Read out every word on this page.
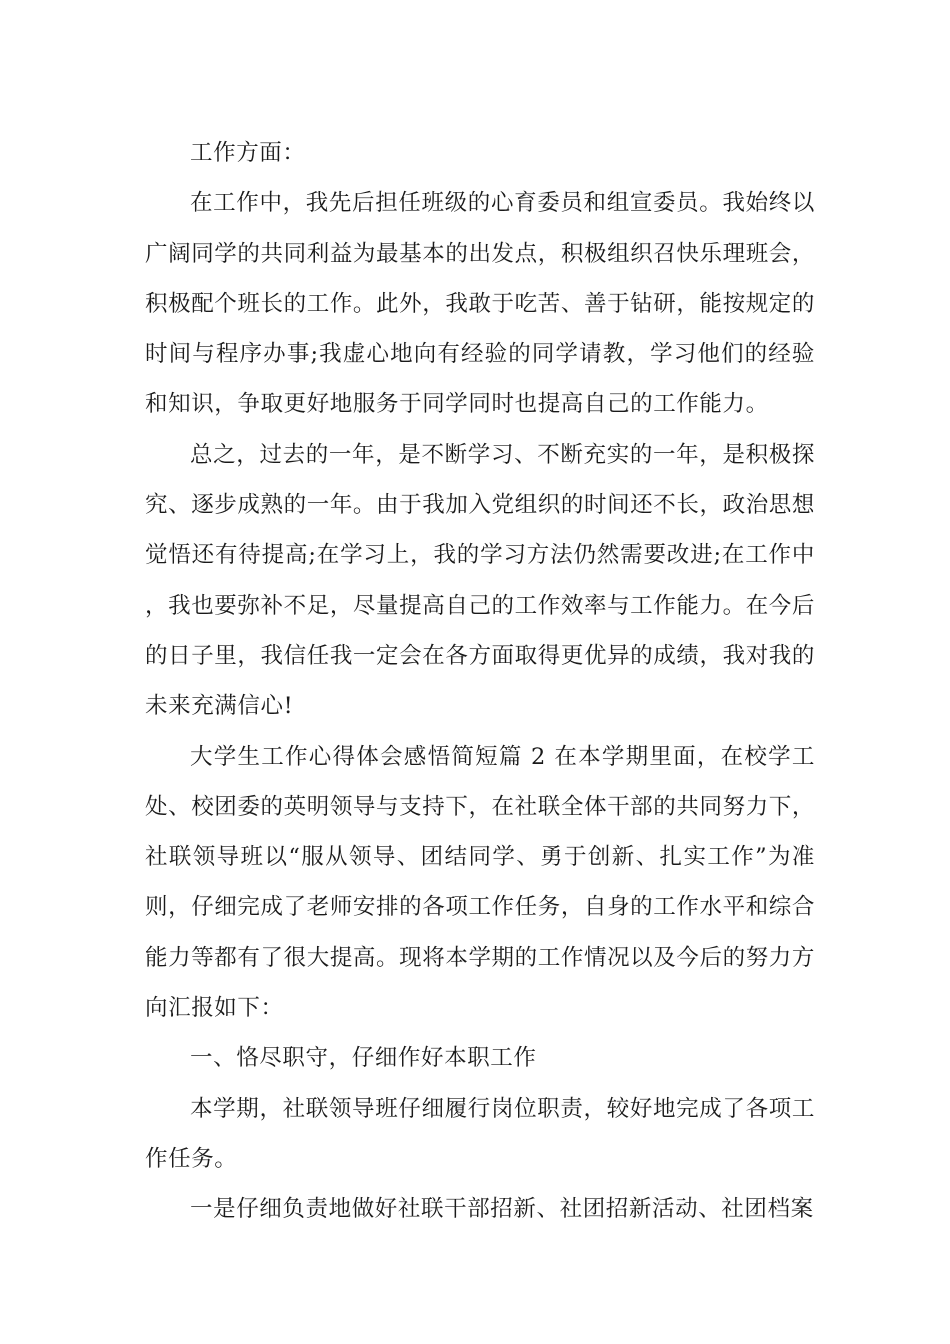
工作方面：

在工作中，我先后担任班级的心育委员和组宣委员。我始终以广阔同学的共同利益为最基本的出发点，积极组织召快乐理班会，积极配个班长的工作。此外，我敢于吃苦、善于钻研，能按规定的时间与程序办事;我虚心地向有经验的同学请教，学习他们的经验和知识，争取更好地服务于同学同时也提高自己的工作能力。

总之，过去的一年，是不断学习、不断充实的一年，是积极探究、逐步成熟的一年。由于我加入党组织的时间还不长，政治思想觉悟还有待提高;在学习上，我的学习方法仍然需要改进;在工作中，我也要弥补不足，尽量提高自己的工作效率与工作能力。在今后的日子里，我信任我一定会在各方面取得更优异的成绩，我对我的未来充满信心!

大学生工作心得体会感悟简短篇 2 在本学期里面，在校学工处、校团委的英明领导与支持下，在社联全体干部的共同努力下，社联领导班以“服从领导、团结同学、勇于创新、扎实工作”为准则，仔细完成了老师安排的各项工作任务，自身的工作水平和综合能力等都有了很大提高。现将本学期的工作情况以及今后的努力方向汇报如下：

一、恪尽职守，仔细作好本职工作

本学期，社联领导班仔细履行岗位职责，较好地完成了各项工作任务。

一是仔细负责地做好社联干部招新、社团招新活动、社团档案
